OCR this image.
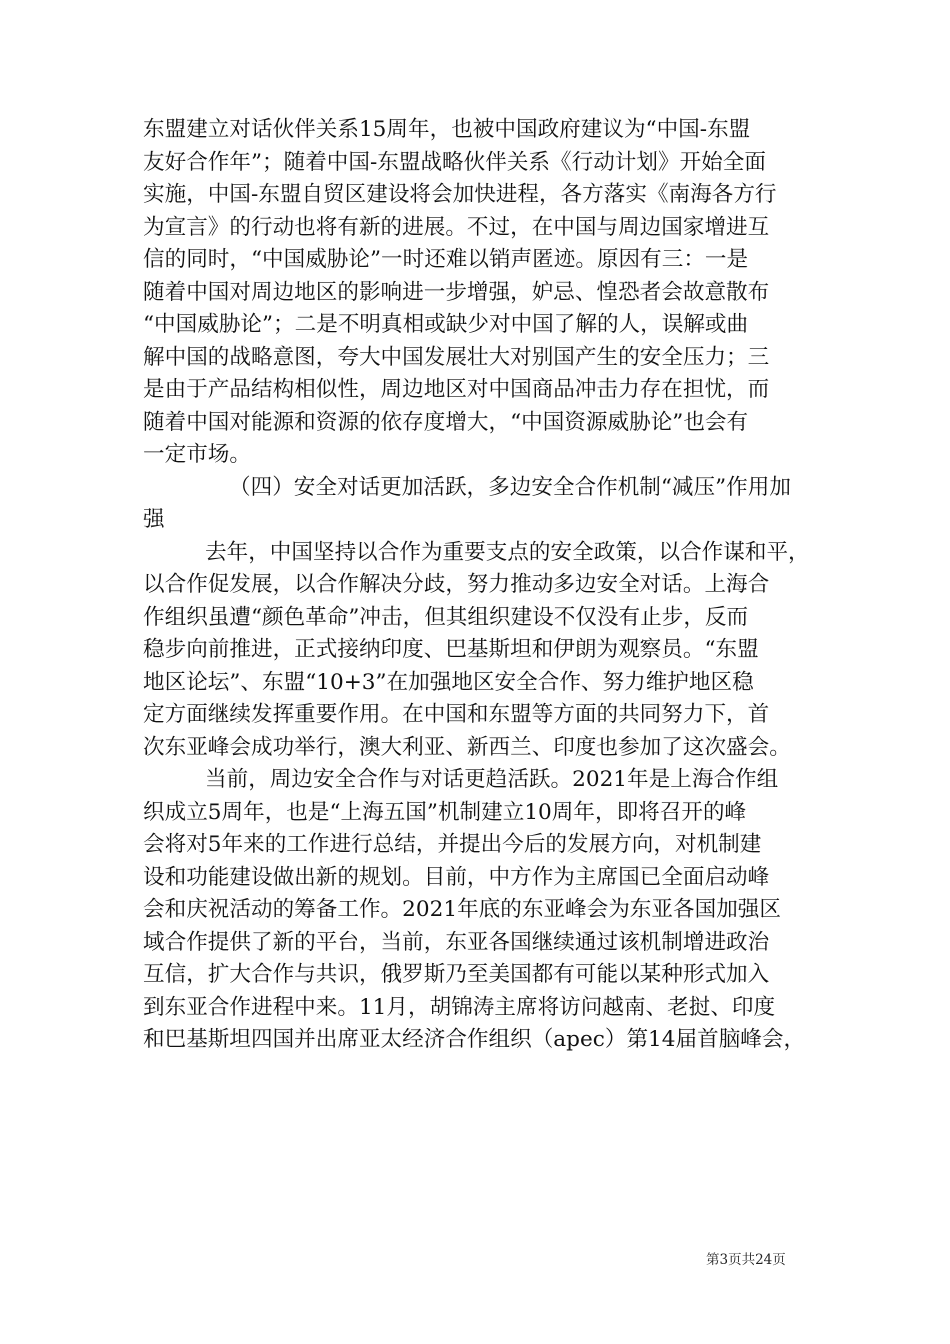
东盟建立对话伙伴关系15周年，也被中国政府建议为“中国-东盟
友好合作年”；随着中国-东盟战略伙伴关系《行动计划》开始全面
实施，中国-东盟自贸区建设将会加快进程，各方落实《南海各方行
为宣言》的行动也将有新的进展。不过，在中国与周边国家增进互
信的同时，“中国威胁论”一时还难以销声匿迹。原因有三：一是
随着中国对周边地区的影响进一步增强，妒忌、惶恐者会故意散布
“中国威胁论”；二是不明真相或缺少对中国了解的人，误解或曲
解中国的战略意图，夸大中国发展壮大对别国产生的安全压力；三
是由于产品结构相似性，周边地区对中国商品冲击力存在担忧，而
随着中国对能源和资源的依存度增大，“中国资源威胁论”也会有
一定市场。
（四）安全对话更加活跃，多边安全合作机制“减压”作用加
强
去年，中国坚持以合作为重要支点的安全政策，以合作谋和平，
以合作促发展，以合作解决分歧，努力推动多边安全对话。上海合
作组织虽遭“颜色革命”冲击，但其组织建设不仅没有止步，反而
稳步向前推进，正式接纳印度、巴基斯坦和伊朗为观察员。“东盟
地区论坛”、东盟“10+3”在加强地区安全合作、努力维护地区稳
定方面继续发挥重要作用。在中国和东盟等方面的共同努力下，首
次东亚峰会成功举行，澳大利亚、新西兰、印度也参加了这次盛会。
当前，周边安全合作与对话更趋活跃。2021年是上海合作组
织成立5周年，也是“上海五国”机制建立10周年，即将召开的峰
会将对5年来的工作进行总结，并提出今后的发展方向，对机制建
设和功能建设做出新的规划。目前，中方作为主席国已全面启动峰
会和庆祝活动的筹备工作。2021年底的东亚峰会为东亚各国加强区
域合作提供了新的平台，当前，东亚各国继续通过该机制增进政治
互信，扩大合作与共识，俄罗斯乃至美国都有可能以某种形式加入
到东亚合作进程中来。11月，胡锦涛主席将访问越南、老挝、印度
和巴基斯坦四国并出席亚太经济合作组织（apec）第14届首脑峰会，
第3页共24页
